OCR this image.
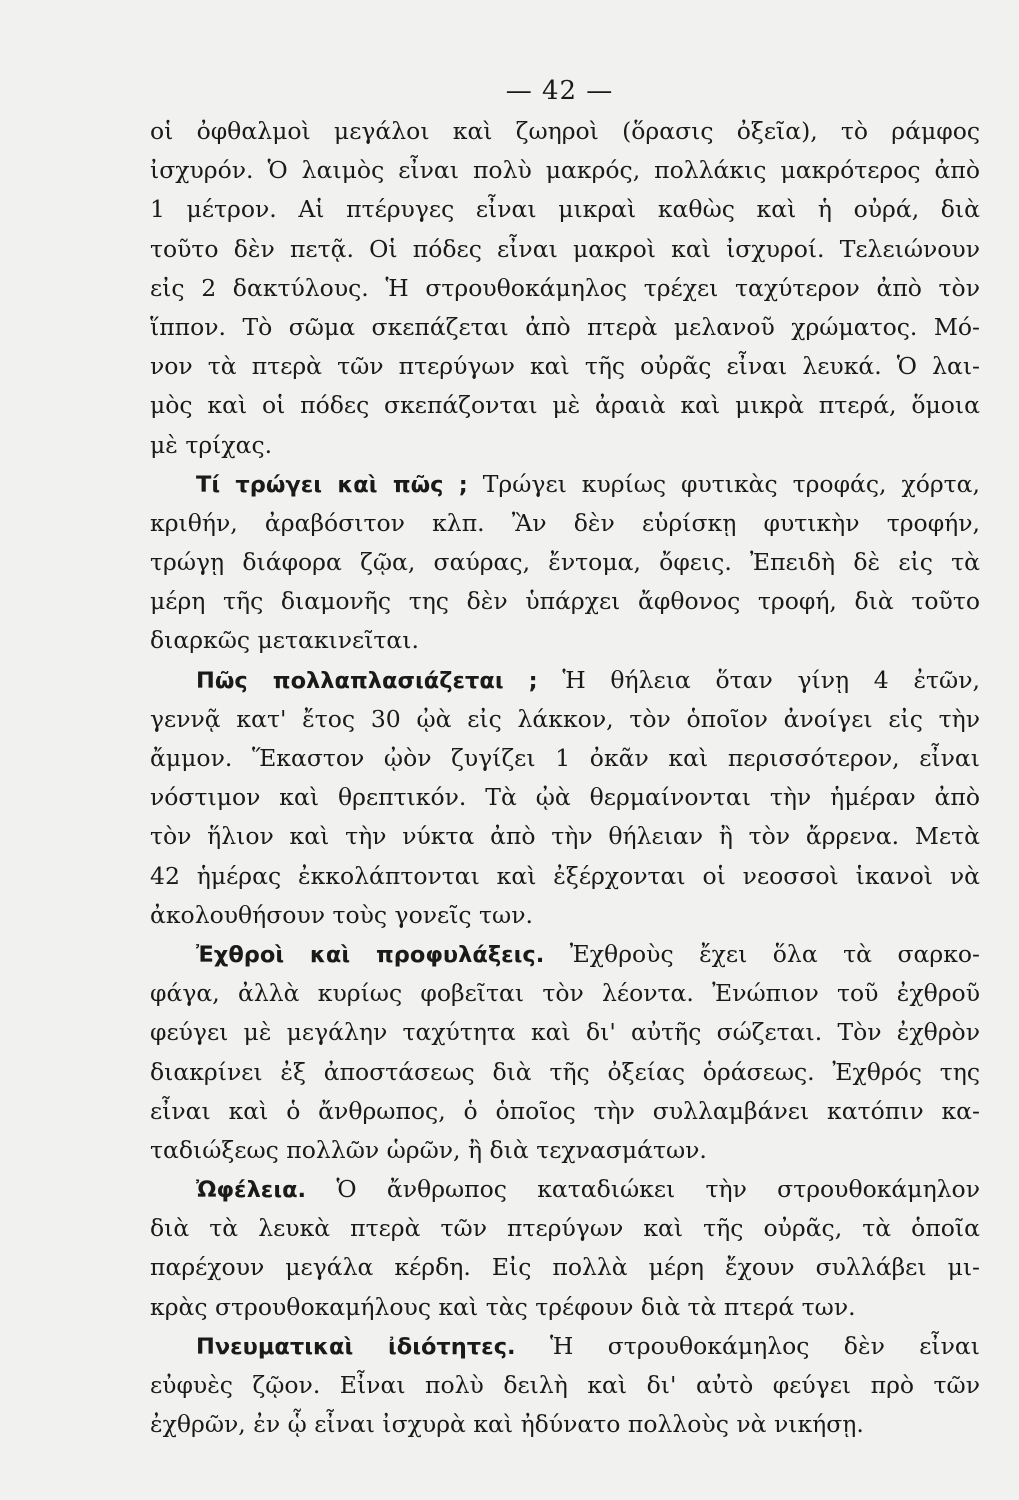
— 42 —
οἱ ὀφθαλμοὶ μεγάλοι καὶ ζωηροὶ (ὅρασις ὀξεῖα), τὸ ράμφος
ἰσχυρόν. Ὁ λαιμὸς εἶναι πολὺ μακρός, πολλάκις μακρότερος ἀπὸ
1 μέτρον. Αἱ πτέρυγες εἶναι μικραὶ καθὼς καὶ ἡ οὐρά, διὰ
τοῦτο δὲν πετᾷ. Οἱ πόδες εἶναι μακροὶ καὶ ἰσχυροί. Τελειώνουν
εἰς 2 δακτύλους. Ἡ στρουθοκάμηλος τρέχει ταχύτερον ἀπὸ τὸν
ἵππον. Τὸ σῶμα σκεπάζεται ἀπὸ πτερὰ μελανοῦ χρώματος. Μό-
νον τὰ πτερὰ τῶν πτερύγων καὶ τῆς οὐρᾶς εἶναι λευκά. Ὁ λαι-
μὸς καὶ οἱ πόδες σκεπάζονται μὲ ἀραιὰ καὶ μικρὰ πτερά, ὅμοια
μὲ τρίχας.
Τί τρώγει καὶ πῶς ; Τρώγει κυρίως φυτικὰς τροφάς, χόρτα,
κριθήν, ἀραβόσιτον κλπ. Ἂν δὲν εὑρίσκῃ φυτικὴν τροφήν,
τρώγῃ διάφορα ζῷα, σαύρας, ἔντομα, ὄφεις. Ἐπειδὴ δὲ εἰς τὰ
μέρη τῆς διαμονῆς της δὲν ὑπάρχει ἄφθονος τροφή, διὰ τοῦτο
διαρκῶς μετακινεῖται.
Πῶς πολλαπλασιάζεται ; Ἡ θήλεια ὅταν γίνῃ 4 ἐτῶν,
γεννᾷ κατ' ἔτος 30 ᾠὰ εἰς λάκκον, τὸν ὁποῖον ἀνοίγει εἰς τὴν
ἄμμον. Ἕκαστον ᾠὸν ζυγίζει 1 ὀκᾶν καὶ περισσότερον, εἶναι
νόστιμον καὶ θρεπτικόν. Τὰ ᾠὰ θερμαίνονται τὴν ἡμέραν ἀπὸ
τὸν ἥλιον καὶ τὴν νύκτα ἀπὸ τὴν θήλειαν ἢ τὸν ἄρρενα. Μετὰ
42 ἡμέρας ἐκκολάπτονται καὶ ἐξέρχονται οἱ νεοσσοὶ ἱκανοὶ νὰ
ἀκολουθήσουν τοὺς γονεῖς των.
Ἐχθροὶ καὶ προφυλάξεις. Ἐχθροὺς ἔχει ὅλα τὰ σαρκο-
φάγα, ἀλλὰ κυρίως φοβεῖται τὸν λέοντα. Ἐνώπιον τοῦ ἐχθροῦ
φεύγει μὲ μεγάλην ταχύτητα καὶ δι' αὐτῆς σώζεται. Τὸν ἐχθρὸν
διακρίνει ἐξ ἀποστάσεως διὰ τῆς ὀξείας ὁράσεως. Ἐχθρός της
εἶναι καὶ ὁ ἄνθρωπος, ὁ ὁποῖος τὴν συλλαμβάνει κατόπιν κα-
ταδιώξεως πολλῶν ὡρῶν, ἢ διὰ τεχνασμάτων.
Ὠφέλεια. Ὁ ἄνθρωπος καταδιώκει τὴν στρουθοκάμηλον
διὰ τὰ λευκὰ πτερὰ τῶν πτερύγων καὶ τῆς οὐρᾶς, τὰ ὁποῖα
παρέχουν μεγάλα κέρδη. Εἰς πολλὰ μέρη ἔχουν συλλάβει μι-
κρὰς στρουθοκαμήλους καὶ τὰς τρέφουν διὰ τὰ πτερά των.
Πνευματικαὶ ἰδιότητες. Ἡ στρουθοκάμηλος δὲν εἶναι
εὐφυὲς ζῷον. Εἶναι πολὺ δειλὴ καὶ δι' αὐτὸ φεύγει πρὸ τῶν
ἐχθρῶν, ἐν ᾧ εἶναι ἰσχυρὰ καὶ ἠδύνατο πολλοὺς νὰ νικήσῃ.
